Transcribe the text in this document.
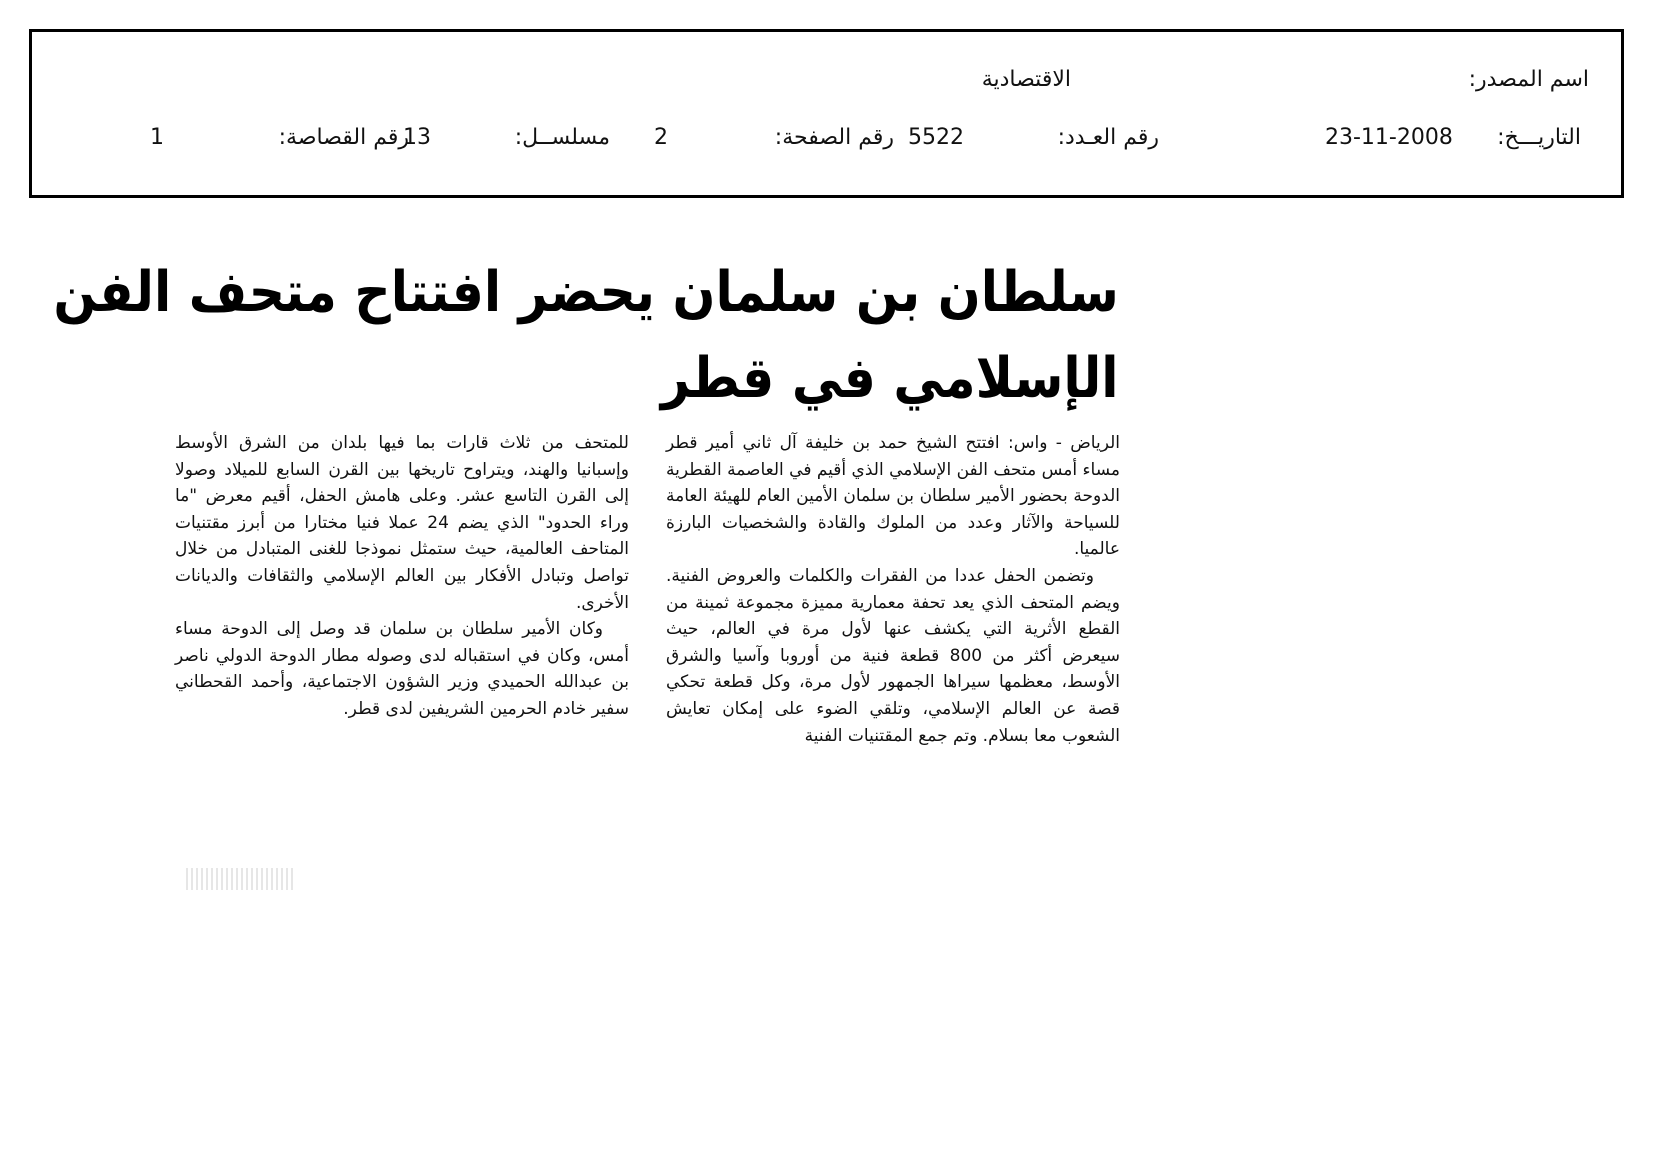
اسم المصدر:
الاقتصادية
التاريـــخ:
23-11-2008
رقم العـدد:
5522
رقم الصفحة:
2
مسلســل:
13
رقم القصاصة:
1
سلطان بن سلمان يحضر افتتاح متحف الفن
الإسلامي في قطر

الرياض - واس: افتتح الشيخ حمد بن خليفة آل ثاني أمير قطر مساء أمس متحف الفن الإسلامي الذي أقيم في العاصمة القطرية الدوحة بحضور الأمير سلطان بن سلمان الأمين العام للهيئة العامة للسياحة والآثار وعدد من الملوك والقادة والشخصيات البارزة عالميا.

وتضمن الحفل عددا من الفقرات والكلمات والعروض الفنية. ويضم المتحف الذي يعد تحفة معمارية مميزة مجموعة ثمينة من القطع الأثرية التي يكشف عنها لأول مرة في العالم، حيث سيعرض أكثر من 800 قطعة فنية من أوروبا وآسيا والشرق الأوسط، معظمها سيراها الجمهور لأول مرة، وكل قطعة تحكي قصة عن العالم الإسلامي، وتلقي الضوء على إمكان تعايش الشعوب معا بسلام. وتم جمع المقتنيات الفنية

للمتحف من ثلاث قارات بما فيها بلدان من الشرق الأوسط وإسبانيا والهند، ويتراوح تاريخها بين القرن السابع للميلاد وصولا إلى القرن التاسع عشر. وعلى هامش الحفل، أقيم معرض "ما وراء الحدود" الذي يضم 24 عملا فنيا مختارا من أبرز مقتنيات المتاحف العالمية، حيث ستمثل نموذجا للغنى المتبادل من خلال تواصل وتبادل الأفكار بين العالم الإسلامي والثقافات والديانات الأخرى.

وكان الأمير سلطان بن سلمان قد وصل إلى الدوحة مساء أمس، وكان في استقباله لدى وصوله مطار الدوحة الدولي ناصر بن عبدالله الحميدي وزير الشؤون الاجتماعية، وأحمد القحطاني سفير خادم الحرمين الشريفين لدى قطر.
